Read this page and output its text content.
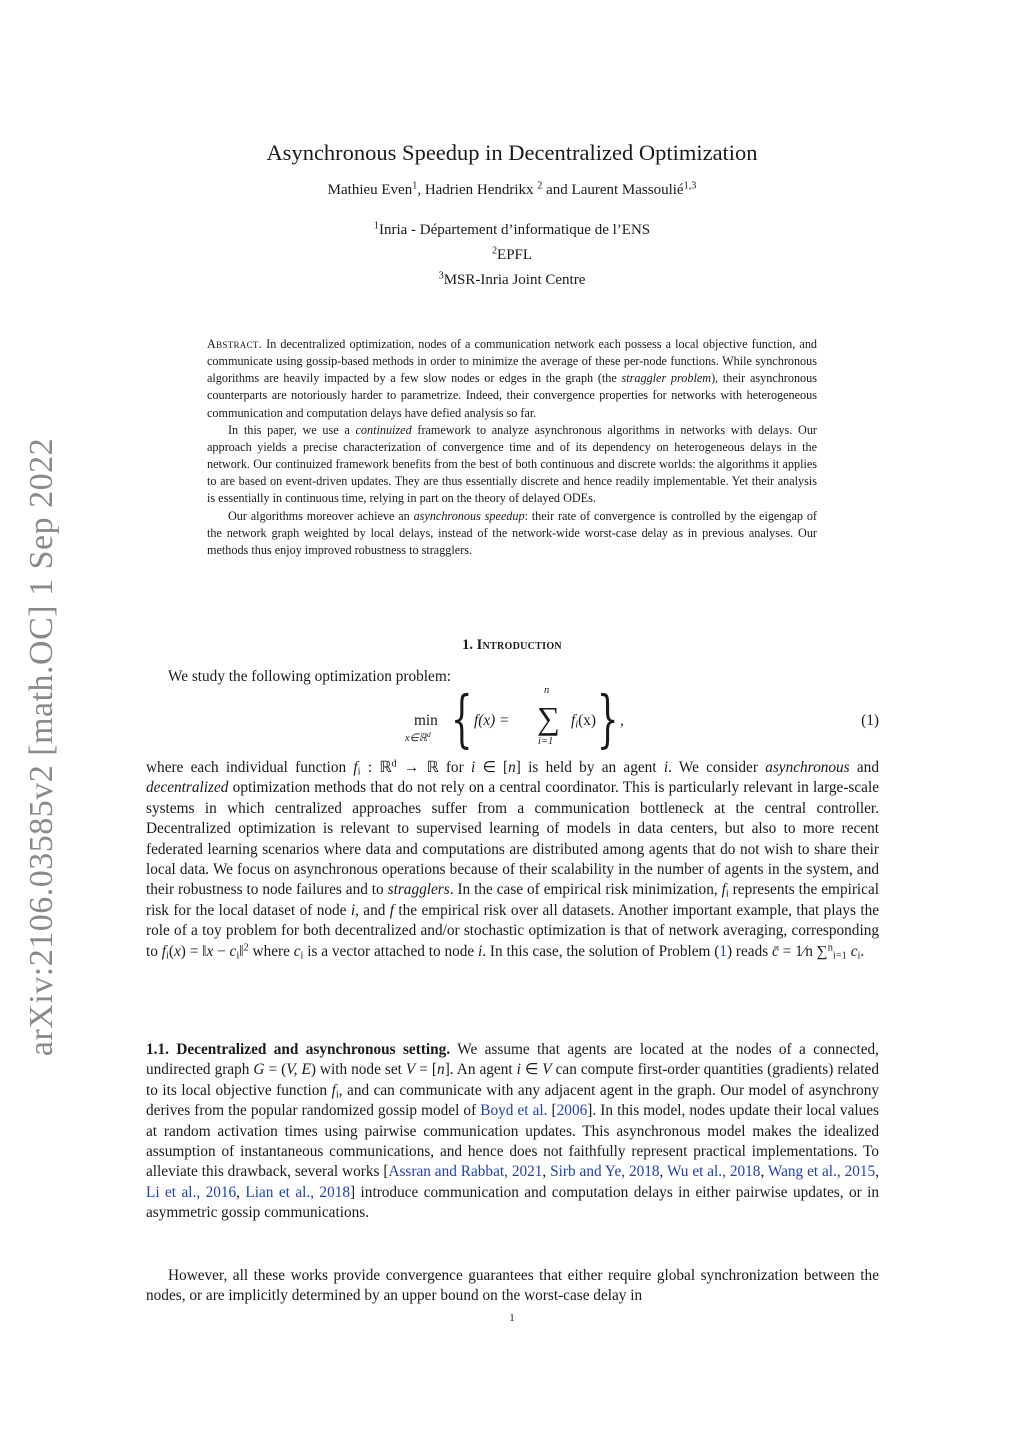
arXiv:2106.03585v2 [math.OC] 1 Sep 2022
Asynchronous Speedup in Decentralized Optimization
Mathieu Even$^1$, Hadrien Hendrikx $^2$ and Laurent Massoulié$^{1,3}$
$^1$Inria - Département d’informatique de l’ENS
$^2$EPFL
$^3$MSR-Inria Joint Centre

Abstract. In decentralized optimization, nodes of a communication network each possess a local objective function, and communicate using gossip-based methods in order to minimize the average of these per-node functions. While synchronous algorithms are heavily impacted by a few slow nodes or edges in the graph (the straggler problem), their asynchronous counterparts are notoriously harder to parametrize. Indeed, their convergence properties for networks with heterogeneous communication and computation delays have defied analysis so far.

In this paper, we use a continuized framework to analyze asynchronous algorithms in networks with delays. Our approach yields a precise characterization of convergence time and of its dependency on heterogeneous delays in the network. Our continuized framework benefits from the best of both continuous and discrete worlds: the algorithms it applies to are based on event-driven updates. They are thus essentially discrete and hence readily implementable. Yet their analysis is essentially in continuous time, relying in part on the theory of delayed ODEs.

Our algorithms moreover achieve an asynchronous speedup: their rate of convergence is controlled by the eigengap of the network graph weighted by local delays, instead of the network-wide worst-case delay as in previous analyses. Our methods thus enjoy improved robustness to stragglers.

1. Introduction

We study the following optimization problem:

min
x∈ℝ$^d$ { f(x) =
n
∑
i=1
$f_i(x)$ } ,	(1)

where each individual function $f_i$ : ℝ$^d$ → ℝ for i ∈ [n] is held by an agent i. We consider asynchronous and decentralized optimization methods that do not rely on a central coordinator. This is particularly relevant in large-scale systems in which centralized approaches suffer from a communication bottleneck at the central controller. Decentralized optimization is relevant to supervised learning of models in data centers, but also to more recent federated learning scenarios where data and computations are distributed among agents that do not wish to share their local data. We focus on asynchronous operations because of their scalability in the number of agents in the system, and their robustness to node failures and to stragglers. In the case of empirical risk minimization, $f_i$ represents the empirical risk for the local dataset of node i, and f the empirical risk over all datasets. Another important example, that plays the role of a toy problem for both decentralized and/or stochastic optimization is that of network averaging, corresponding to $f_i(x)$ = ‖x − $c_i‖^2$ where $c_i$ is a vector attached to node i. In this case, the solution of Problem (1) reads c̄ = 1⁄n ∑$^n_{i=1}$ $c_i$.

1.1. Decentralized and asynchronous setting. We assume that agents are located at the nodes of a connected, undirected graph G = (V, E) with node set V = [n]. An agent i ∈ V can compute first-order quantities (gradients) related to its local objective function $f_i$, and can communicate with any adjacent agent in the graph. Our model of asynchrony derives from the popular randomized gossip model of Boyd et al. [2006]. In this model, nodes update their local values at random activation times using pairwise communication updates. This asynchronous model makes the idealized assumption of instantaneous communications, and hence does not faithfully represent practical implementations. To alleviate this drawback, several works [Assran and Rabbat, 2021, Sirb and Ye, 2018, Wu et al., 2018, Wang et al., 2015, Li et al., 2016, Lian et al., 2018] introduce communication and computation delays in either pairwise updates, or in asymmetric gossip communications.

However, all these works provide convergence guarantees that either require global synchronization between the nodes, or are implicitly determined by an upper bound on the worst-case delay in

1
